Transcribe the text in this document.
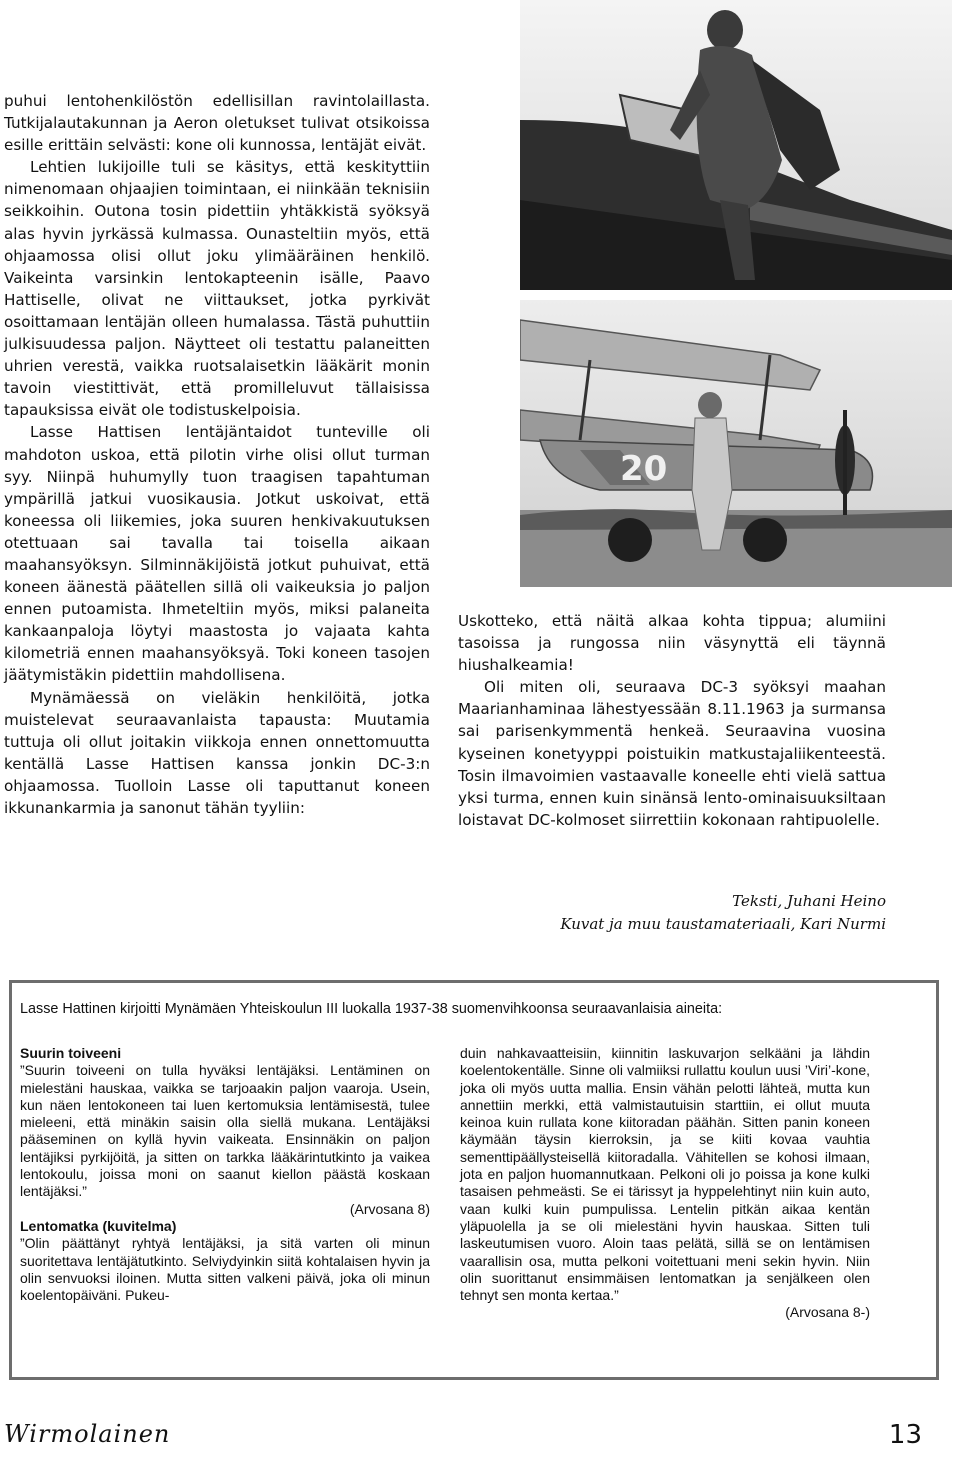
puhui lentohenkilöstön edellisillan ravintolaillasta. Tutkijalautakunnan ja Aeron oletukset tulivat otsikoissa esille erittäin selvästi: kone oli kunnossa, lentäjät eivät.

Lehtien lukijoille tuli se käsitys, että keskityttiin nimenomaan ohjaajien toimintaan, ei niinkään teknisiin seikkoihin. Outona tosin pidettiin yhtäkkistä syöksyä alas hyvin jyrkässä kulmassa. Ounasteltiin myös, että ohjaamossa olisi ollut joku ylimääräinen henkilö. Vaikeinta varsinkin lentokapteenin isälle, Paavo Hattiselle, olivat ne viittaukset, jotka pyrkivät osoittamaan lentäjän olleen humalassa. Tästä puhuttiin julkisuudessa paljon. Näytteet oli testattu palaneitten uhrien verestä, vaikka ruotsalaisetkin lääkärit monin tavoin viestittivät, että promilleluvut tällaisissa tapauksissa eivät ole todistuskelpoisia.

Lasse Hattisen lentäjäntaidot tunteville oli mahdoton uskoa, että pilotin virhe olisi ollut turman syy. Niinpä huhumylly tuon traagisen tapahtuman ympärillä jatkui vuosikausia. Jotkut uskoivat, että koneessa oli liikemies, joka suuren henkivakuutuksen otettuaan sai tavalla tai toisella aikaan maahansyöksyn. Silminnäkijöistä jotkut puhuivat, että koneen äänestä päätellen sillä oli vaikeuksia jo paljon ennen putoamista. Ihmeteltiin myös, miksi palaneita kankaanpaloja löytyi maastosta jo vajaata kahta kilometriä ennen maahansyöksyä. Toki koneen tasojen jäätymistäkin pidettiin mahdollisena.

Mynämäessä on vieläkin henkilöitä, jotka muistelevat seuraavanlaista tapausta: Muutamia tuttuja oli ollut joitakin viikkoja ennen onnettomuutta kentällä Lasse Hattisen kanssa jonkin DC-3:n ohjaamossa. Tuolloin Lasse oli taputtanut koneen ikkunankarmia ja sanonut tähän tyyliin:

20

Uskotteko, että näitä alkaa kohta tippua; alumiini tasoissa ja rungossa niin väsynyttä eli täynnä hiushalkeamia!

Oli miten oli, seuraava DC-3 syöksyi maahan Maarianhaminaa lähestyessään 8.11.1963 ja surmansa sai parisenkymmentä henkeä. Seuraavina vuosina kyseinen konetyyppi poistuikin matkustajaliikenteestä. Tosin ilmavoimien vastaavalle koneelle ehti vielä sattua yksi turma, ennen kuin sinänsä lento-ominaisuuksiltaan loistavat DC-kolmoset siirrettiin kokonaan rahtipuolelle.

Teksti, Juhani Heino
Kuvat ja muu taustamateriaali, Kari Nurmi
Lasse Hattinen kirjoitti Mynämäen Yhteiskoulun III luokalla 1937-38 suomenvihkoonsa seuraavanlaisia aineita:
Suurin toiveeni

”Suurin toiveeni on tulla hyväksi lentäjäksi. Lentäminen on mielestäni hauskaa, vaikka se tarjoaakin paljon vaaroja. Usein, kun näen lentokoneen tai luen kertomuksia lentämisestä, tulee mieleeni, että minäkin saisin olla siellä mukana. Lentäjäksi pääseminen on kyllä hyvin vaikeata. Ensinnäkin on paljon lentäjiksi pyrkijöitä, ja sitten on tarkka lääkärintutkinto ja vaikea lentokoulu, joissa moni on saanut kiellon päästä koskaan lentäjäksi.”

(Arvosana 8)

Lentomatka (kuvitelma)

”Olin päättänyt ryhtyä lentäjäksi, ja sitä varten oli minun suoritettava lentäjätutkinto. Selviydyinkin siitä kohtalaisen hyvin ja olin senvuoksi iloinen. Mutta sitten valkeni päivä, joka oli minun koelentopäiväni. Pukeu-

duin nahkavaatteisiin, kiinnitin laskuvarjon selkääni ja lähdin koelentokentälle. Sinne oli valmiiksi rullattu koulun uusi ’Viri’-kone, joka oli myös uutta mallia. Ensin vähän pelotti lähteä, mutta kun annettiin merkki, että valmistautuisin starttiin, ei ollut muuta keinoa kuin rullata kone kiitoradan päähän. Sitten panin koneen käymään täysin kierroksin, ja se kiiti kovaa vauhtia sementtipäällysteisellä kiitoradalla. Vähitellen se kohosi ilmaan, jota en paljon huomannutkaan. Pelkoni oli jo poissa ja kone kulki tasaisen pehmeästi. Se ei tärissyt ja hyppelehtinyt niin kuin auto, vaan kulki kuin pumpulissa. Lentelin pitkän aikaa kentän yläpuolella ja se oli mielestäni hyvin hauskaa. Sitten tuli laskeutumisen vuoro. Aloin taas pelätä, sillä se on lentämisen vaarallisin osa, mutta pelkoni voitettuani meni sekin hyvin. Niin olin suorittanut ensimmäisen lentomatkan ja senjälkeen olen tehnyt sen monta kertaa.”

(Arvosana 8-)

Wirmolainen	13
